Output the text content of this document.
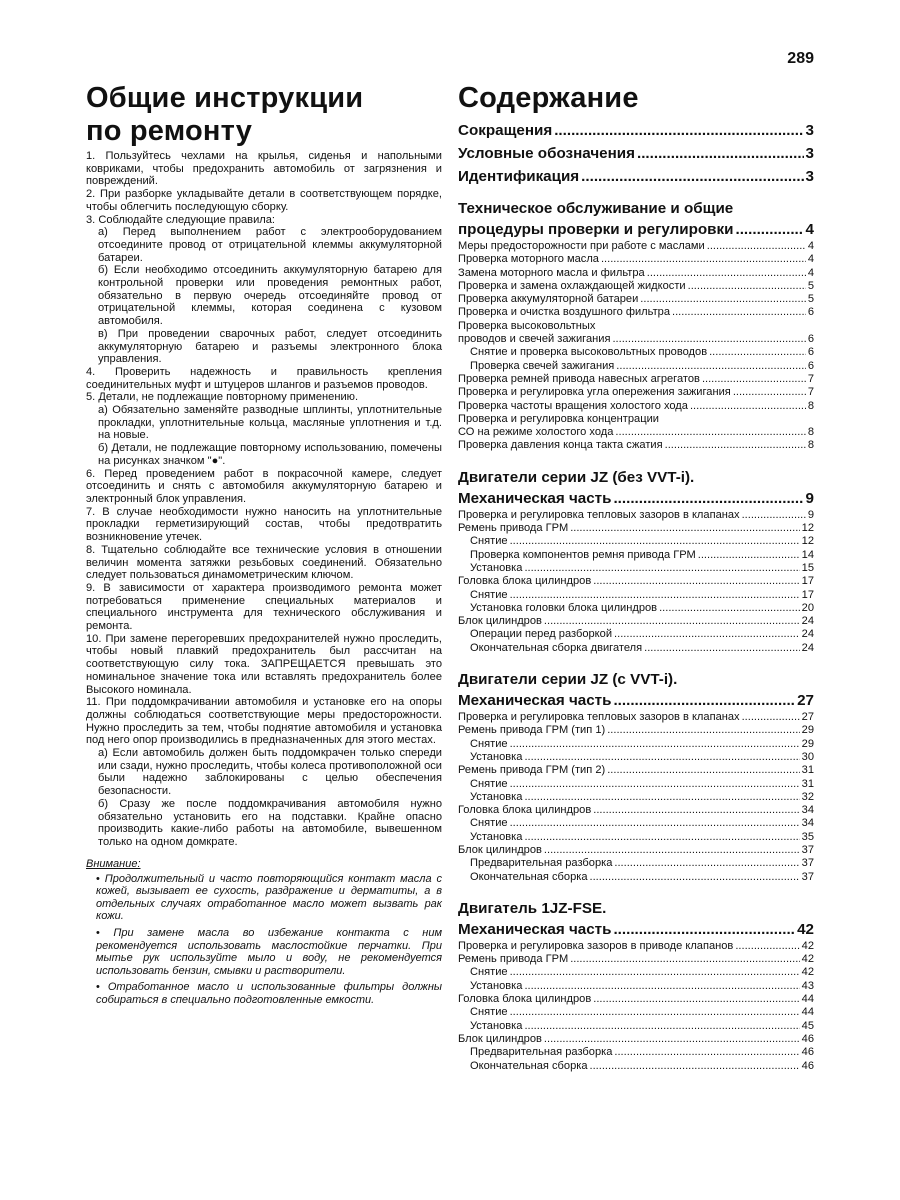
289
Общие инструкции
по ремонту

1. Пользуйтесь чехлами на крылья, сиденья и напольными ковриками, чтобы предохранить автомобиль от загрязнения и повреждений.

2. При разборке укладывайте детали в соответствующем порядке, чтобы облегчить последующую сборку.

3. Соблюдайте следующие правила:

а) Перед выполнением работ с электрооборудованием отсоедините провод от отрицательной клеммы аккумуляторной батареи.

б) Если необходимо отсоединить аккумуляторную батарею для контрольной проверки или проведения ремонтных работ, обязательно в первую очередь отсоединяйте провод от отрицательной клеммы, которая соединена с кузовом автомобиля.

в) При проведении сварочных работ, следует отсоединить аккумуляторную батарею и разъемы электронного блока управления.

4. Проверить надежность и правильность крепления соединительных муфт и штуцеров шлангов и разъемов проводов.

5. Детали, не подлежащие повторному применению.

а) Обязательно заменяйте разводные шплинты, уплотнительные прокладки, уплотнительные кольца, масляные уплотнения и т.д. на новые.

б) Детали, не подлежащие повторному использованию, помечены на рисунках значком "●".

6. Перед проведением работ в покрасочной камере, следует отсоединить и снять с автомобиля аккумуляторную батарею и электронный блок управления.

7. В случае необходимости нужно наносить на уплотнительные прокладки герметизирующий состав, чтобы предотвратить возникновение утечек.

8. Тщательно соблюдайте все технические условия в отношении величин момента затяжки резьбовых соединений. Обязательно следует пользоваться динамометрическим ключом.

9. В зависимости от характера производимого ремонта может потребоваться применение специальных материалов и специального инструмента для технического обслуживания и ремонта.

10. При замене перегоревших предохранителей нужно проследить, чтобы новый плавкий предохранитель был рассчитан на соответствующую силу тока. ЗАПРЕЩАЕТСЯ превышать это номинальное значение тока или вставлять предохранитель более Высокого номинала.

11. При поддомкрачивании автомобиля и установке его на опоры должны соблюдаться соответствующие меры предосторожности. Нужно проследить за тем, чтобы поднятие автомобиля и установка под него опор производились в предназначенных для этого местах.

а) Если автомобиль должен быть поддомкрачен только спереди или сзади, нужно проследить, чтобы колеса противоположной оси были надежно заблокированы с целью обеспечения безопасности.

б) Сразу же после поддомкрачивания автомобиля нужно обязательно установить его на подставки. Крайне опасно производить какие-либо работы на автомобиле, вывешенном только на одном домкрате.

Внимание:
• Продолжительный и часто повторяющийся контакт масла с кожей, вызывает ее сухость, раздражение и дерматиты, а в отдельных случаях отработанное масло может вызвать рак кожи.
• При замене масла во избежание контакта с ним рекомендуется использовать маслостойкие перчатки. При мытье рук используйте мыло и воду, не рекомендуется использовать бензин, смывки и растворители.
• Отработанное масло и использованные фильтры должны собираться в специально подготовленные емкости.
Содержание
Сокращения .....	3
Условные обозначения .....	3
Идентификация .....	3
Техническое обслуживание и общие
процедуры проверки и регулировки .....	4
Меры предосторожности при работе с маслами .....	4
Проверка моторного масла .....	4
Замена моторного масла и фильтра .....	4
Проверка и замена охлаждающей жидкости .....	5
Проверка аккумуляторной батареи .....	5
Проверка и очистка воздушного фильтра .....	6
Проверка высоковольтных
проводов и свечей зажигания .....	6
Снятие и проверка высоковольтных проводов .....	6
Проверка свечей зажигания .....	6
Проверка ремней привода навесных агрегатов .....	7
Проверка и регулировка угла опережения зажигания .....	7
Проверка частоты вращения холостого хода .....	8
Проверка и регулировка концентрации
СО на режиме холостого хода .....	8
Проверка давления конца такта сжатия .....	8
Двигатели серии JZ (без VVT-i).
Механическая часть .....	9
Проверка и регулировка тепловых зазоров в клапанах .....	9
Ремень привода ГРМ .....	12
Снятие .....	12
Проверка компонентов ремня привода ГРМ .....	14
Установка .....	15
Головка блока цилиндров .....	17
Снятие .....	17
Установка головки блока цилиндров .....	20
Блок цилиндров .....	24
Операции перед разборкой .....	24
Окончательная сборка двигателя .....	24
Двигатели серии JZ (с VVT-i).
Механическая часть .....	27
Проверка и регулировка тепловых зазоров в клапанах .....	27
Ремень привода ГРМ (тип 1) .....	29
Снятие .....	29
Установка .....	30
Ремень привода ГРМ (тип 2) .....	31
Снятие .....	31
Установка .....	32
Головка блока цилиндров .....	34
Снятие .....	34
Установка .....	35
Блок цилиндров .....	37
Предварительная разборка .....	37
Окончательная сборка .....	37
Двигатель 1JZ-FSE.
Механическая часть .....	42
Проверка и регулировка зазоров в приводе клапанов .....	42
Ремень привода ГРМ .....	42
Снятие .....	42
Установка .....	43
Головка блока цилиндров .....	44
Снятие .....	44
Установка .....	45
Блок цилиндров .....	46
Предварительная разборка .....	46
Окончательная сборка .....	46
